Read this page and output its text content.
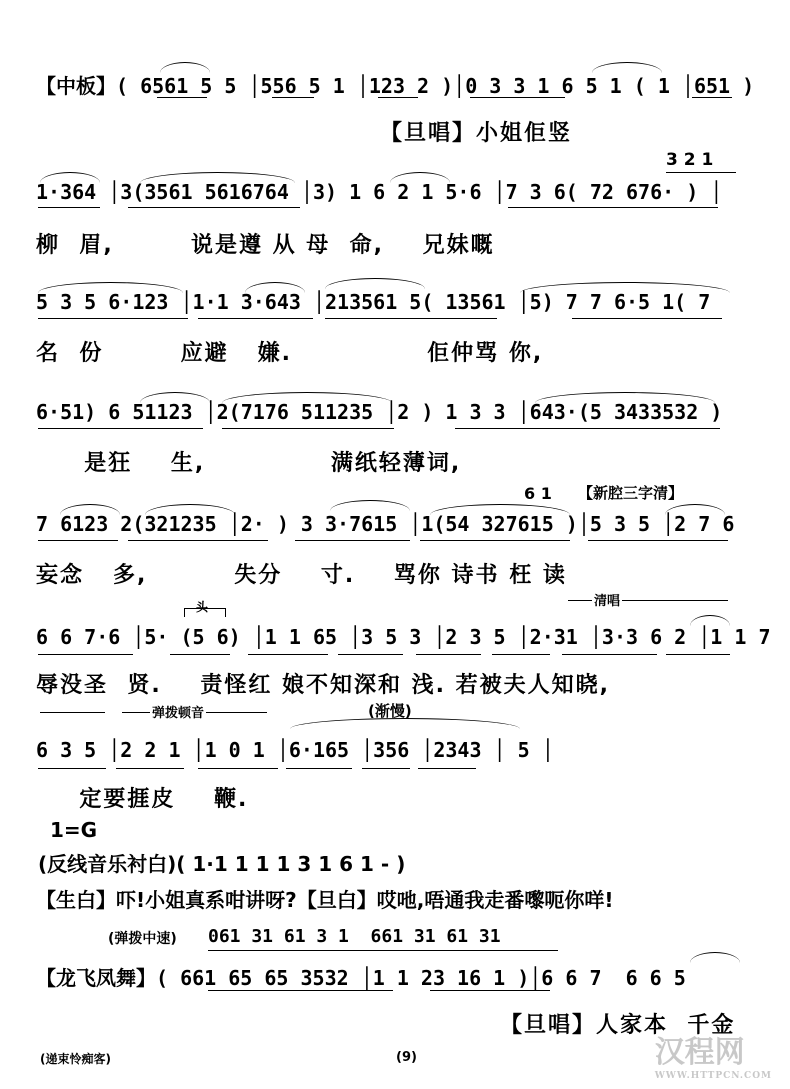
【中板】( 6561 5 5 │556 5 1 │123 2 )│0 3 3 1 6 5 1 ( 1 │651 )
【旦唱】小姐佢竖
3 2 1
1·364 │3(3561 5616764 │3) 1 6 2 1 5·6 │7 3 6( 72 676· ) │
柳  眉,        说是遵 从 母  命,    兄妹嘅
5 3 5 6·123 │1·1 3·643 │213561 5( 13561 │5) 7 7 6·5 1( 7
名  份        应避   嫌.              佢仲骂 你,
6·51) 6 51123 │2(7176 511235 │2 ) 1 3 3 │643·(5 3433532 )
是狂    生,             满纸轻薄词,
6 1 【新腔三字清】
7 6123 2(321235 │2· ) 3 3·7615 │1(54 327615 )│5 3 5 │2 7 6
妄念   多,         失分    寸.    骂你 诗书 枉 读
头	清唱
6 6 7·6 │5· (5 6) │1 1 65 │3 5 3 │2 3 5 │2·31 │3·3 6 2 │1 1 7
辱没圣  贤.    责怪红 娘不知深和 浅. 若被夫人知晓,
弹拨顿音	(渐慢)
6 3 5 │2 2 1 │1 0 1 │6·165 │356 │2343 │ 5 │
定要捱皮    鞭.
1=G
(反线音乐衬白)( 1·1 1 1 1 3 1 6 1 - )
【生白】吓!小姐真系咁讲呀?【旦白】哎吔,唔通我走番嚟呃你咩!
(弹拨中速)	061 31 61 3 1  661 31 61 31
【龙飞凤舞】( 661 65 65 3532 │1 1 23 16 1 )│6 6 7  6 6 5
【旦唱】人家本  千金
(递束怜痴客)	(9)	汉程网
WWW.HTTPCN.COM
